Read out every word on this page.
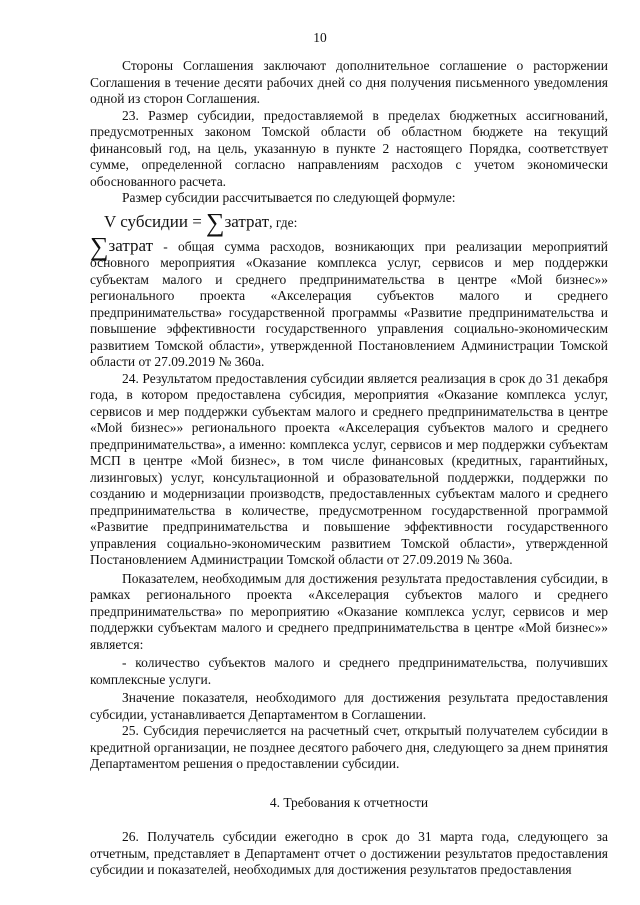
10

Стороны Соглашения заключают дополнительное соглашение о расторжении Соглашения в течение десяти рабочих дней со дня получения письменного уведомления одной из сторон Соглашения.

23. Размер субсидии, предоставляемой в пределах бюджетных ассигнований, предусмотренных законом Томской области об областном бюджете на текущий финансовый год, на цель, указанную в пункте 2 настоящего Порядка, соответствует сумме, определенной согласно направлениям расходов с учетом экономически обоснованного расчета.

Размер субсидии рассчитывается по следующей формуле:

V субсидии = ∑затрат, где:

∑затрат - общая сумма расходов, возникающих при реализации мероприятий основного мероприятия «Оказание комплекса услуг, сервисов и мер поддержки субъектам малого и среднего предпринимательства в центре «Мой бизнес»» регионального проекта «Акселерация субъектов малого и среднего предпринимательства» государственной программы «Развитие предпринимательства и повышение эффективности государственного управления социально-экономическим развитием Томской области», утвержденной Постановлением Администрации Томской области от 27.09.2019 № 360а.

24. Результатом предоставления субсидии является реализация в срок до 31 декабря года, в котором предоставлена субсидия, мероприятия «Оказание комплекса услуг, сервисов и мер поддержки субъектам малого и среднего предпринимательства в центре «Мой бизнес»» регионального проекта «Акселерация субъектов малого и среднего предпринимательства», а именно: комплекса услуг, сервисов и мер поддержки субъектам МСП в центре «Мой бизнес», в том числе финансовых (кредитных, гарантийных, лизинговых) услуг, консультационной и образовательной поддержки, поддержки по созданию и модернизации производств, предоставленных субъектам малого и среднего предпринимательства в количестве, предусмотренном государственной программой «Развитие предпринимательства и повышение эффективности государственного управления социально-экономическим развитием Томской области», утвержденной Постановлением Администрации Томской области от 27.09.2019 № 360а.

Показателем, необходимым для достижения результата предоставления субсидии, в рамках регионального проекта «Акселерация субъектов малого и среднего предпринимательства» по мероприятию «Оказание комплекса услуг, сервисов и мер поддержки субъектам малого и среднего предпринимательства в центре «Мой бизнес»» является:

- количество субъектов малого и среднего предпринимательства, получивших комплексные услуги.

Значение показателя, необходимого для достижения результата предоставления субсидии, устанавливается Департаментом в Соглашении.

25. Субсидия перечисляется на расчетный счет, открытый получателем субсидии в кредитной организации, не позднее десятого рабочего дня, следующего за днем принятия Департаментом решения о предоставлении субсидии.

4. Требования к отчетности

26. Получатель субсидии ежегодно в срок до 31 марта года, следующего за отчетным, представляет в Департамент отчет о достижении результатов предоставления субсидии и показателей, необходимых для достижения результатов предоставления
